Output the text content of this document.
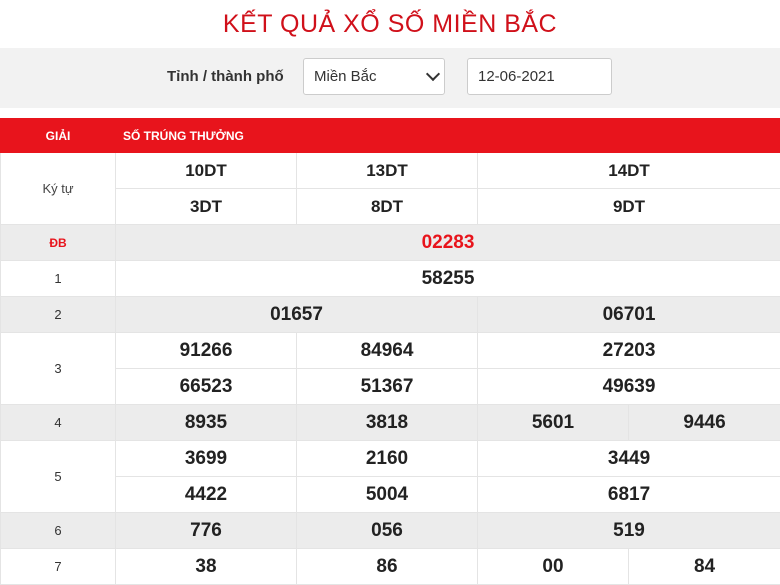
KẾT QUẢ XỔ SỐ MIỀN BẮC
Tỉnh / thành phố	Miền Bắc	12-06-2021
GIẢI	SỐ TRÚNG THƯỞNG			
Ký tự	10DT	13DT	14DT	
	3DT	8DT	9DT	
ĐB	02283			
1	58255			
2	01657		06701	
3	91266	84964	27203	
	66523	51367	49639	
4	8935	3818	5601	9446
5	3699	2160	3449	
	4422	5004	6817	
6	776	056	519	
7	38	86	00	84
